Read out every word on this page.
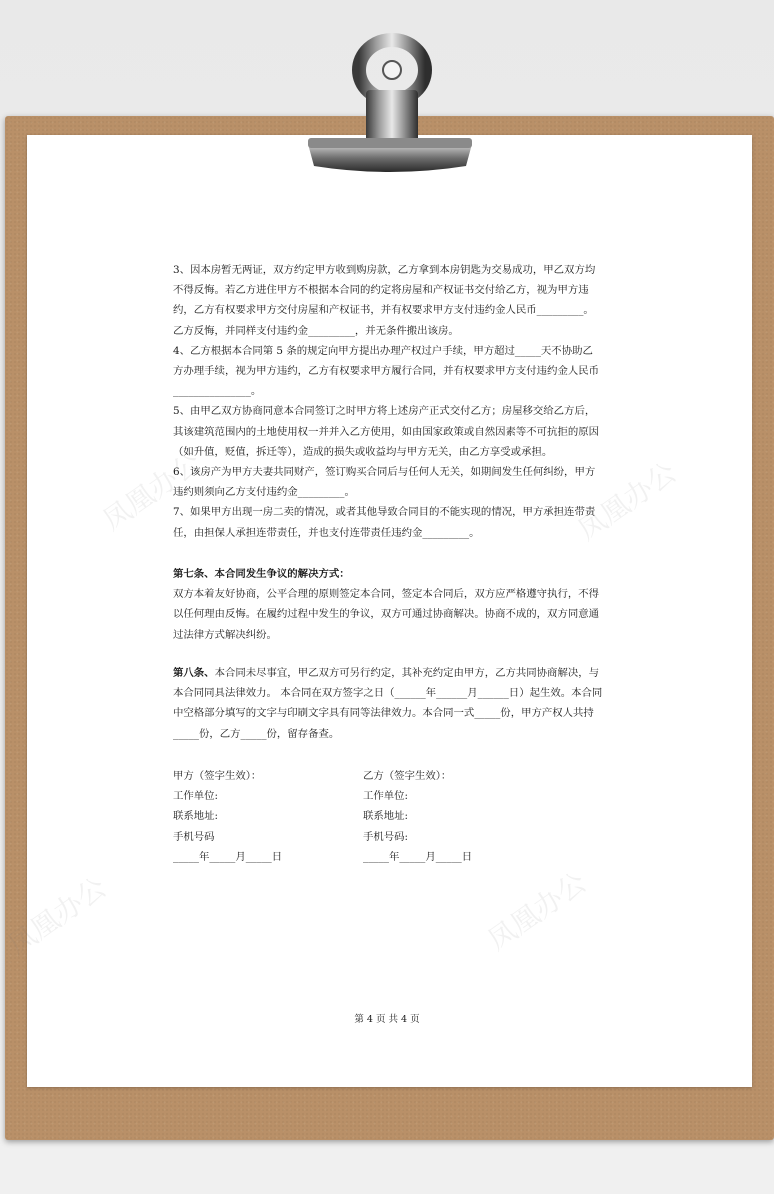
3、因本房暂无两证，双方约定甲方收到购房款，乙方拿到本房钥匙为交易成功，甲乙双方均不得反悔。若乙方进住甲方不根据本合同的约定将房屋和产权证书交付给乙方，视为甲方违约，乙方有权要求甲方交付房屋和产权证书，并有权要求甲方支付违约金人民币_________。乙方反悔，并同样支付违约金_________，并无条件搬出该房。

4、乙方根据本合同第 5 条的规定向甲方提出办理产权过户手续，甲方超过_____天不协助乙方办理手续，视为甲方违约，乙方有权要求甲方履行合同，并有权要求甲方支付违约金人民币_______________。

5、由甲乙双方协商同意本合同签订之时甲方将上述房产正式交付乙方；房屋移交给乙方后，其该建筑范围内的土地使用权一并并入乙方使用，如由国家政策或自然因素等不可抗拒的原因（如升值，贬值，拆迁等），造成的损失或收益均与甲方无关，由乙方享受或承担。

6、该房产为甲方夫妻共同财产，签订购买合同后与任何人无关，如期间发生任何纠纷，甲方违约则须向乙方支付违约金_________。

7、如果甲方出现一房二卖的情况，或者其他导致合同目的不能实现的情况，甲方承担连带责任，由担保人承担连带责任，并也支付连带责任违约金_________。

第七条、本合同发生争议的解决方式：

双方本着友好协商，公平合理的原则签定本合同，签定本合同后，双方应严格遵守执行，不得以任何理由反悔。在履约过程中发生的争议，双方可通过协商解决。协商不成的，双方同意通过法律方式解决纠纷。

第八条、本合同未尽事宜，甲乙双方可另行约定，其补充约定由甲方，乙方共同协商解决，与本合同同具法律效力。 本合同在双方签字之日（______年______月______日）起生效。本合同中空格部分填写的文字与印刷文字具有同等法律效力。本合同一式_____份，甲方产权人共持_____份，乙方_____份，留存备查。

甲方（签字生效）：

工作单位:

联系地址:

手机号码

_____年_____月_____日

乙方（签字生效）：

工作单位:

联系地址:

手机号码:

_____年_____月_____日

第 4 页 共 4 页
